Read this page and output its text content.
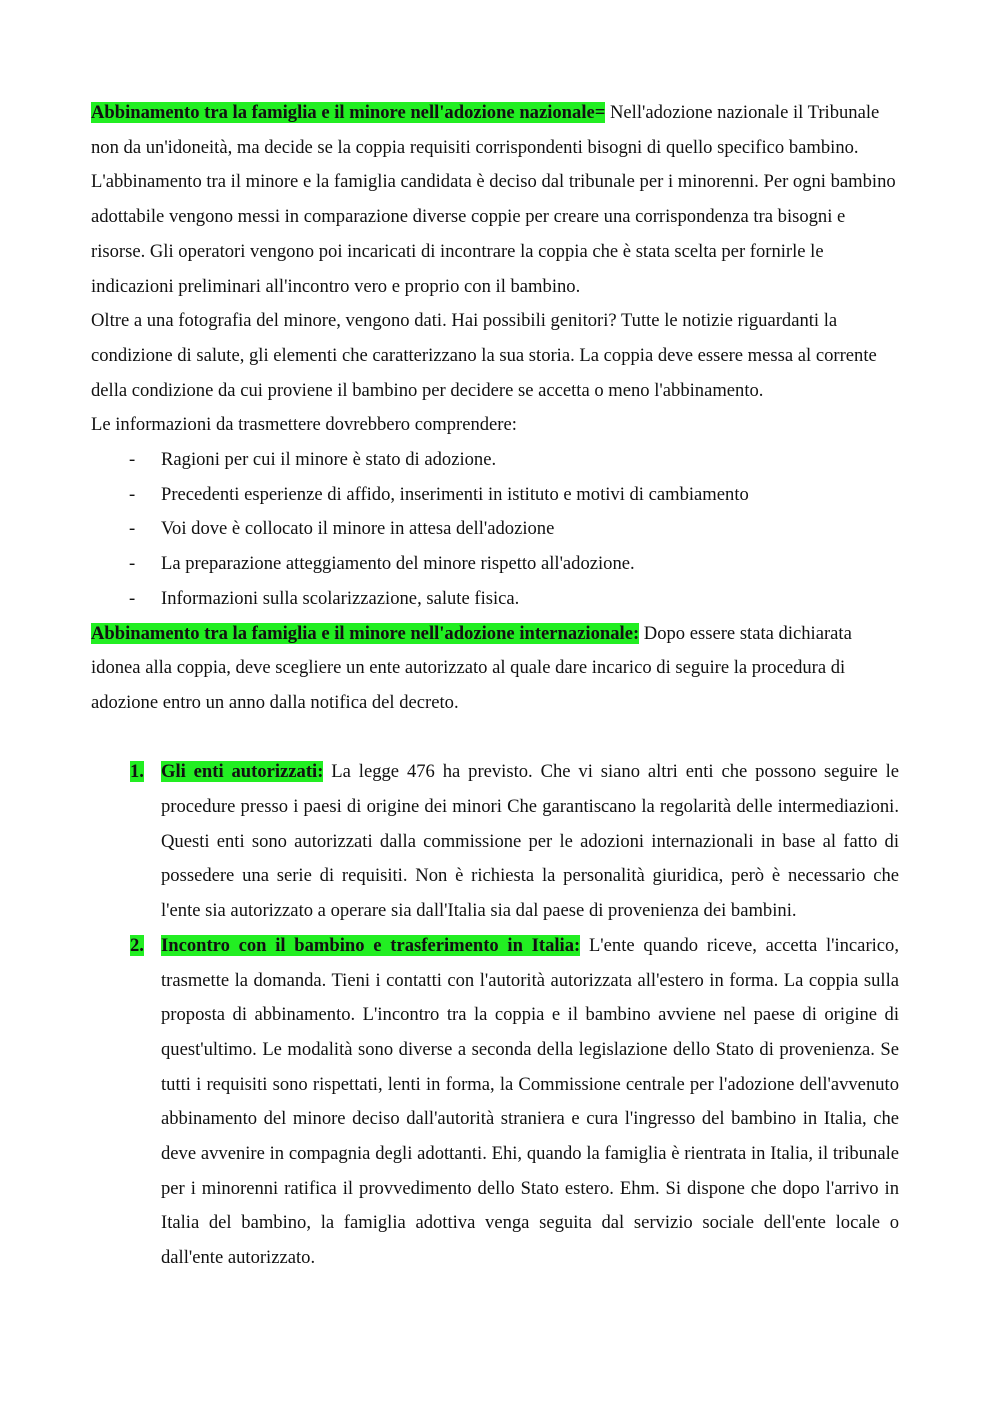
Abbinamento tra la famiglia e il minore nell'adozione nazionale= Nell'adozione nazionale il Tribunale non da un'idoneità, ma decide se la coppia requisiti corrispondenti bisogni di quello specifico bambino.

L'abbinamento tra il minore e la famiglia candidata è deciso dal tribunale per i minorenni. Per ogni bambino adottabile vengono messi in comparazione diverse coppie per creare una corrispondenza tra bisogni e risorse. Gli operatori vengono poi incaricati di incontrare la coppia che è stata scelta per fornirle le indicazioni preliminari all'incontro vero e proprio con il bambino.

Oltre a una fotografia del minore, vengono dati. Hai possibili genitori? Tutte le notizie riguardanti la condizione di salute, gli elementi che caratterizzano la sua storia. La coppia deve essere messa al corrente della condizione da cui proviene il bambino per decidere se accetta o meno l'abbinamento.

Le informazioni da trasmettere dovrebbero comprendere:

- Ragioni per cui il minore è stato di adozione.
- Precedenti esperienze di affido, inserimenti in istituto e motivi di cambiamento
- Voi dove è collocato il minore in attesa dell'adozione
- La preparazione atteggiamento del minore rispetto all'adozione.
- Informazioni sulla scolarizzazione, salute fisica.

Abbinamento tra la famiglia e il minore nell'adozione internazionale: Dopo essere stata dichiarata idonea alla coppia, deve scegliere un ente autorizzato al quale dare incarico di seguire la procedura di adozione entro un anno dalla notifica del decreto.

1. Gli enti autorizzati: La legge 476 ha previsto. Che vi siano altri enti che possono seguire le procedure presso i paesi di origine dei minori Che garantiscano la regolarità delle intermediazioni. Questi enti sono autorizzati dalla commissione per le adozioni internazionali in base al fatto di possedere una serie di requisiti. Non è richiesta la personalità giuridica, però è necessario che l'ente sia autorizzato a operare sia dall'Italia sia dal paese di provenienza dei bambini.
2. Incontro con il bambino e trasferimento in Italia: L'ente quando riceve, accetta l'incarico, trasmette la domanda. Tieni i contatti con l'autorità autorizzata all'estero in forma. La coppia sulla proposta di abbinamento. L'incontro tra la coppia e il bambino avviene nel paese di origine di quest'ultimo. Le modalità sono diverse a seconda della legislazione dello Stato di provenienza. Se tutti i requisiti sono rispettati, lenti in forma, la Commissione centrale per l'adozione dell'avvenuto abbinamento del minore deciso dall'autorità straniera e cura l'ingresso del bambino in Italia, che deve avvenire in compagnia degli adottanti. Ehi, quando la famiglia è rientrata in Italia, il tribunale per i minorenni ratifica il provvedimento dello Stato estero. Ehm. Si dispone che dopo l'arrivo in Italia del bambino, la famiglia adottiva venga seguita dal servizio sociale dell'ente locale o dall'ente autorizzato.
